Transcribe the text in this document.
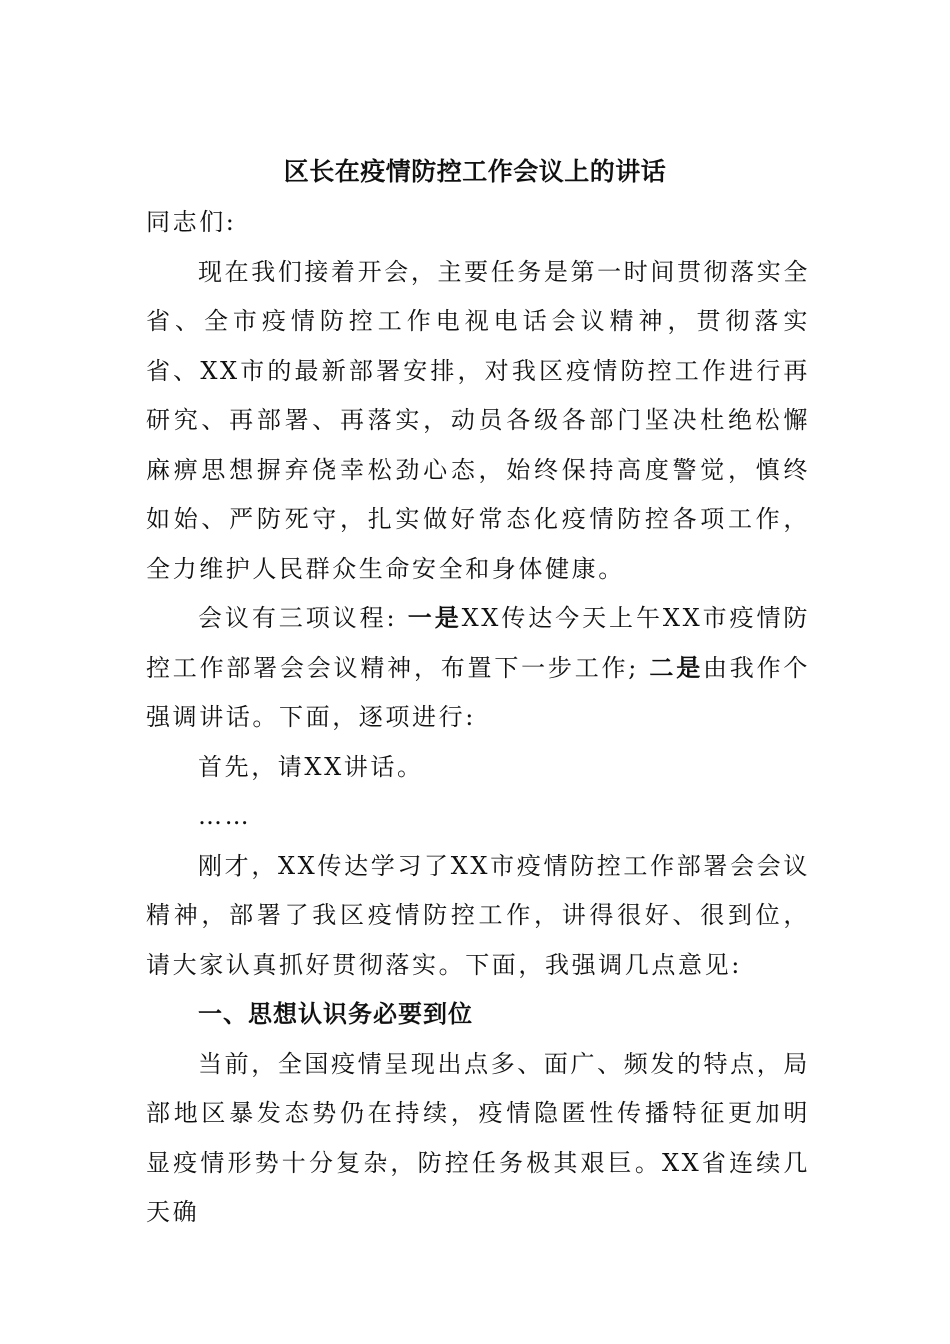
区长在疫情防控工作会议上的讲话

同志们:

现在我们接着开会，主要任务是第一时间贯彻落实全省、全市疫情防控工作电视电话会议精神，贯彻落实省、XX市的最新部署安排，对我区疫情防控工作进行再研究、再部署、再落实，动员各级各部门坚决杜绝松懈麻痹思想摒弃侥幸松劲心态，始终保持高度警觉，慎终如始、严防死守，扎实做好常态化疫情防控各项工作，全力维护人民群众生命安全和身体健康。

会议有三项议程: 一是XX传达今天上午XX市疫情防控工作部署会会议精神，布置下一步工作; 二是由我作个强调讲话。下面，逐项进行:

首先，请XX讲话。

……

刚才，XX传达学习了XX市疫情防控工作部署会会议精神，部署了我区疫情防控工作，讲得很好、很到位，请大家认真抓好贯彻落实。下面，我强调几点意见:

一、思想认识务必要到位

当前，全国疫情呈现出点多、面广、频发的特点，局部地区暴发态势仍在持续，疫情隐匿性传播特征更加明显疫情形势十分复杂，防控任务极其艰巨。XX省连续几天确
